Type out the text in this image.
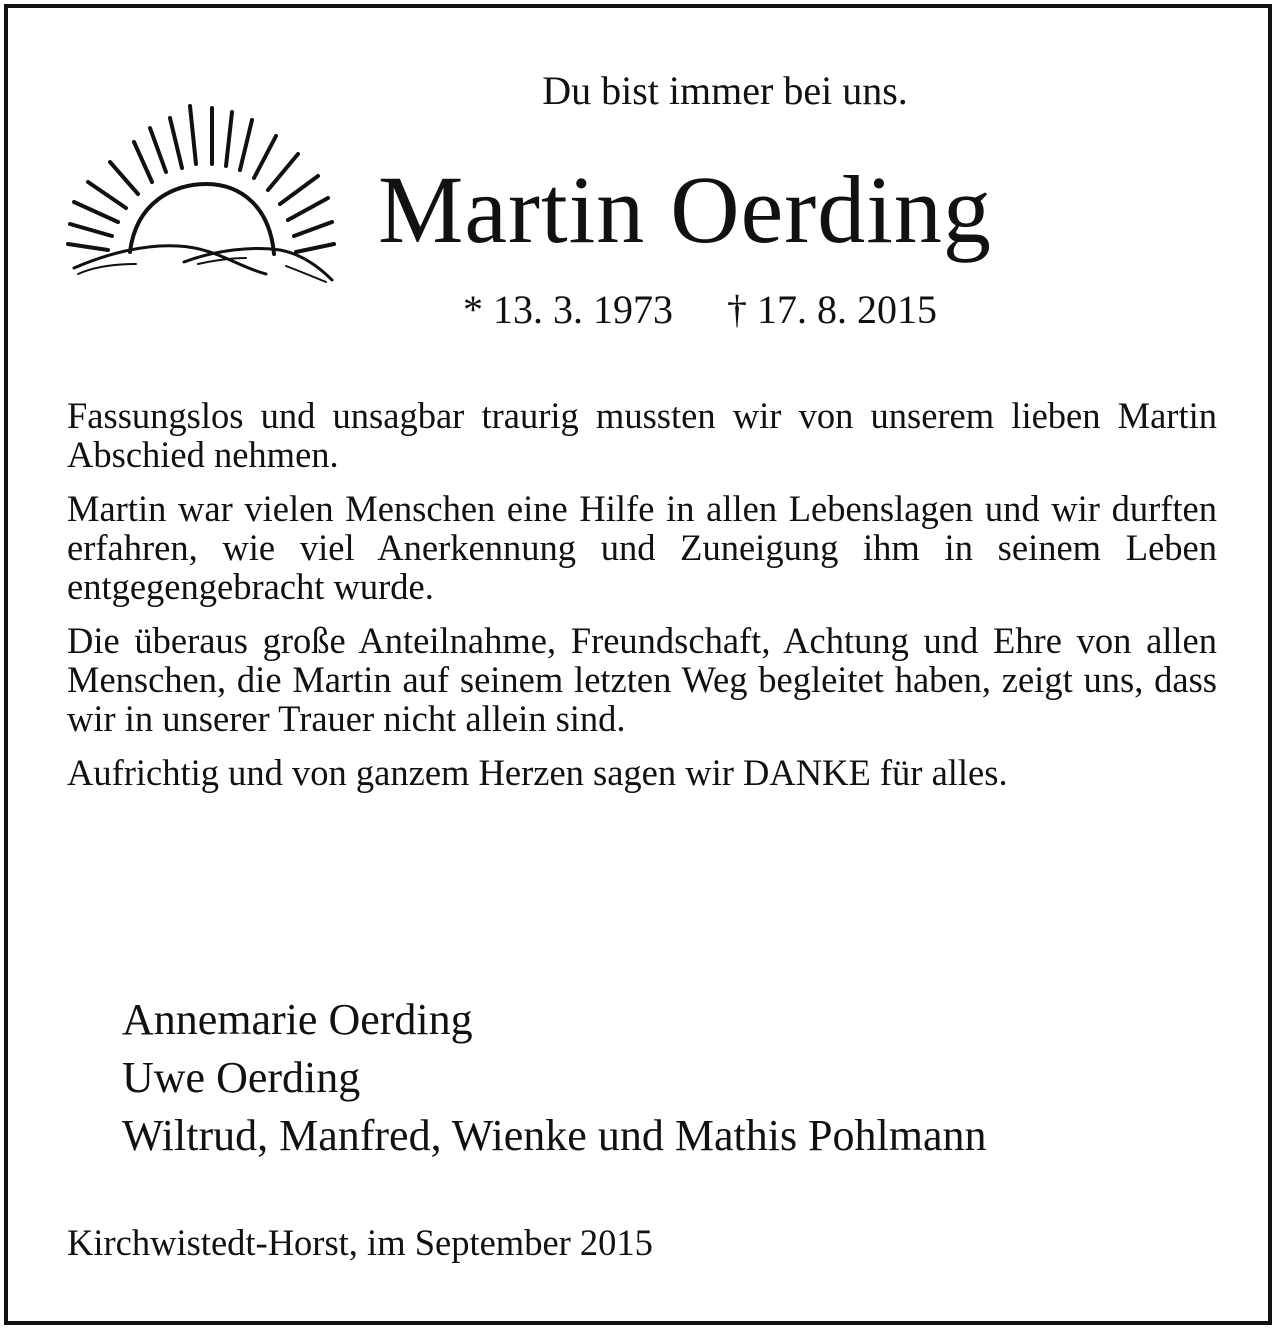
Du bist immer bei uns.
Martin Oerding
* 13. 3. 1973 † 17. 8. 2015

Fassungslos und unsagbar traurig mussten wir von unserem lieben Martin Abschied nehmen.

Martin war vielen Menschen eine Hilfe in allen Lebenslagen und wir durften erfahren, wie viel Anerkennung und Zuneigung ihm in seinem Leben entgegengebracht wurde.

Die überaus große Anteilnahme, Freundschaft, Achtung und Ehre von allen Menschen, die Martin auf seinem letzten Weg begleitet haben, zeigt uns, dass wir in unserer Trauer nicht allein sind.

Aufrichtig und von ganzem Herzen sagen wir DANKE für alles.

Annemarie Oerding
Uwe Oerding
Wiltrud, Manfred, Wienke und Mathis Pohlmann
Kirchwistedt-Horst, im September 2015
